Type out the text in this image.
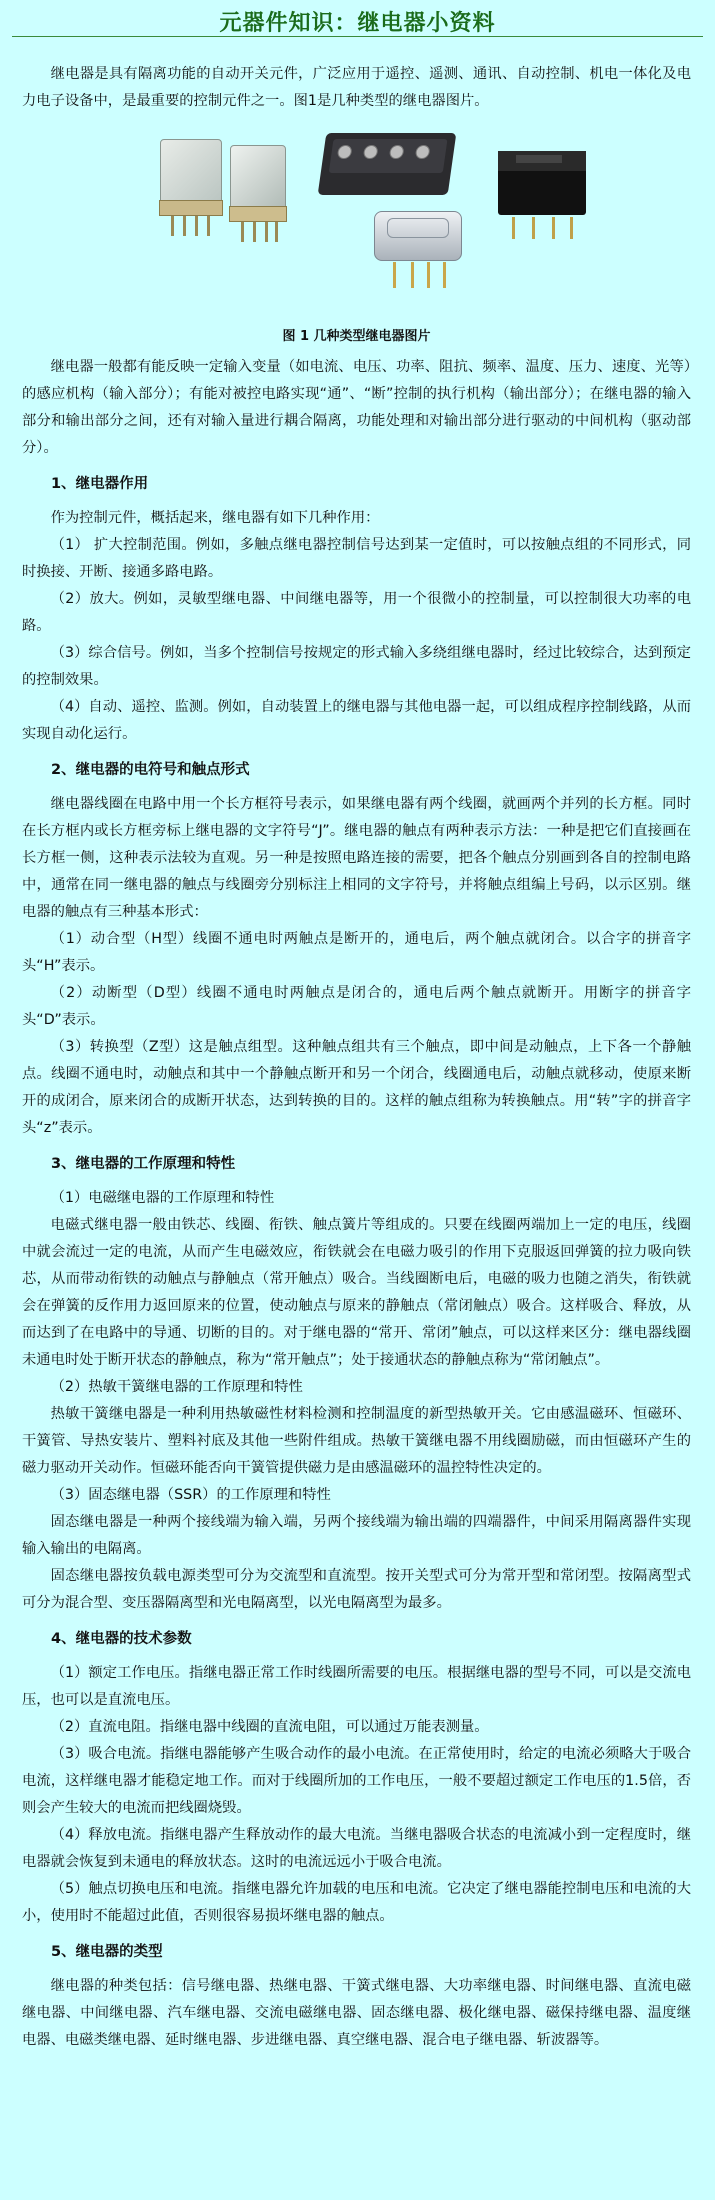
元器件知识：继电器小资料

继电器是具有隔离功能的自动开关元件，广泛应用于遥控、遥测、通讯、自动控制、机电一体化及电力电子设备中，是最重要的控制元件之一。图1是几种类型的继电器图片。

图 1 几种类型继电器图片

继电器一般都有能反映一定输入变量（如电流、电压、功率、阻抗、频率、温度、压力、速度、光等）的感应机构（输入部分）；有能对被控电路实现“通”、“断”控制的执行机构（输出部分）；在继电器的输入部分和输出部分之间，还有对输入量进行耦合隔离，功能处理和对输出部分进行驱动的中间机构（驱动部分）。

1、继电器作用

作为控制元件，概括起来，继电器有如下几种作用：

（1） 扩大控制范围。例如，多触点继电器控制信号达到某一定值时，可以按触点组的不同形式，同时换接、开断、接通多路电路。

（2）放大。例如，灵敏型继电器、中间继电器等，用一个很微小的控制量，可以控制很大功率的电路。

（3）综合信号。例如，当多个控制信号按规定的形式输入多绕组继电器时，经过比较综合，达到预定的控制效果。

（4）自动、遥控、监测。例如，自动装置上的继电器与其他电器一起，可以组成程序控制线路，从而实现自动化运行。

2、继电器的电符号和触点形式

继电器线圈在电路中用一个长方框符号表示，如果继电器有两个线圈，就画两个并列的长方框。同时在长方框内或长方框旁标上继电器的文字符号“J”。继电器的触点有两种表示方法：一种是把它们直接画在长方框一侧，这种表示法较为直观。另一种是按照电路连接的需要，把各个触点分别画到各自的控制电路中，通常在同一继电器的触点与线圈旁分别标注上相同的文字符号，并将触点组编上号码，以示区别。继电器的触点有三种基本形式：

（1）动合型（H型）线圈不通电时两触点是断开的，通电后，两个触点就闭合。以合字的拼音字头“H”表示。

（2）动断型（D型）线圈不通电时两触点是闭合的，通电后两个触点就断开。用断字的拼音字头“D”表示。

（3）转换型（Z型）这是触点组型。这种触点组共有三个触点，即中间是动触点，上下各一个静触点。线圈不通电时，动触点和其中一个静触点断开和另一个闭合，线圈通电后，动触点就移动，使原来断开的成闭合，原来闭合的成断开状态，达到转换的目的。这样的触点组称为转换触点。用“转”字的拼音字头“z”表示。

3、继电器的工作原理和特性

（1）电磁继电器的工作原理和特性

电磁式继电器一般由铁芯、线圈、衔铁、触点簧片等组成的。只要在线圈两端加上一定的电压，线圈中就会流过一定的电流，从而产生电磁效应，衔铁就会在电磁力吸引的作用下克服返回弹簧的拉力吸向铁芯，从而带动衔铁的动触点与静触点（常开触点）吸合。当线圈断电后，电磁的吸力也随之消失，衔铁就会在弹簧的反作用力返回原来的位置，使动触点与原来的静触点（常闭触点）吸合。这样吸合、释放，从而达到了在电路中的导通、切断的目的。对于继电器的“常开、常闭”触点，可以这样来区分：继电器线圈未通电时处于断开状态的静触点，称为“常开触点”；处于接通状态的静触点称为“常闭触点”。

（2）热敏干簧继电器的工作原理和特性

热敏干簧继电器是一种利用热敏磁性材料检测和控制温度的新型热敏开关。它由感温磁环、恒磁环、干簧管、导热安装片、塑料衬底及其他一些附件组成。热敏干簧继电器不用线圈励磁，而由恒磁环产生的磁力驱动开关动作。恒磁环能否向干簧管提供磁力是由感温磁环的温控特性决定的。

（3）固态继电器（SSR）的工作原理和特性

固态继电器是一种两个接线端为输入端，另两个接线端为输出端的四端器件，中间采用隔离器件实现输入输出的电隔离。

固态继电器按负载电源类型可分为交流型和直流型。按开关型式可分为常开型和常闭型。按隔离型式可分为混合型、变压器隔离型和光电隔离型，以光电隔离型为最多。

4、继电器的技术参数

（1）额定工作电压。指继电器正常工作时线圈所需要的电压。根据继电器的型号不同，可以是交流电压，也可以是直流电压。

（2）直流电阻。指继电器中线圈的直流电阻，可以通过万能表测量。

（3）吸合电流。指继电器能够产生吸合动作的最小电流。在正常使用时，给定的电流必须略大于吸合电流，这样继电器才能稳定地工作。而对于线圈所加的工作电压，一般不要超过额定工作电压的1.5倍，否则会产生较大的电流而把线圈烧毁。

（4）释放电流。指继电器产生释放动作的最大电流。当继电器吸合状态的电流减小到一定程度时，继电器就会恢复到未通电的释放状态。这时的电流远远小于吸合电流。

（5）触点切换电压和电流。指继电器允许加载的电压和电流。它决定了继电器能控制电压和电流的大小，使用时不能超过此值，否则很容易损坏继电器的触点。

5、继电器的类型

继电器的种类包括：信号继电器、热继电器、干簧式继电器、大功率继电器、时间继电器、直流电磁继电器、中间继电器、汽车继电器、交流电磁继电器、固态继电器、极化继电器、磁保持继电器、温度继电器、电磁类继电器、延时继电器、步进继电器、真空继电器、混合电子继电器、斩波器等。
